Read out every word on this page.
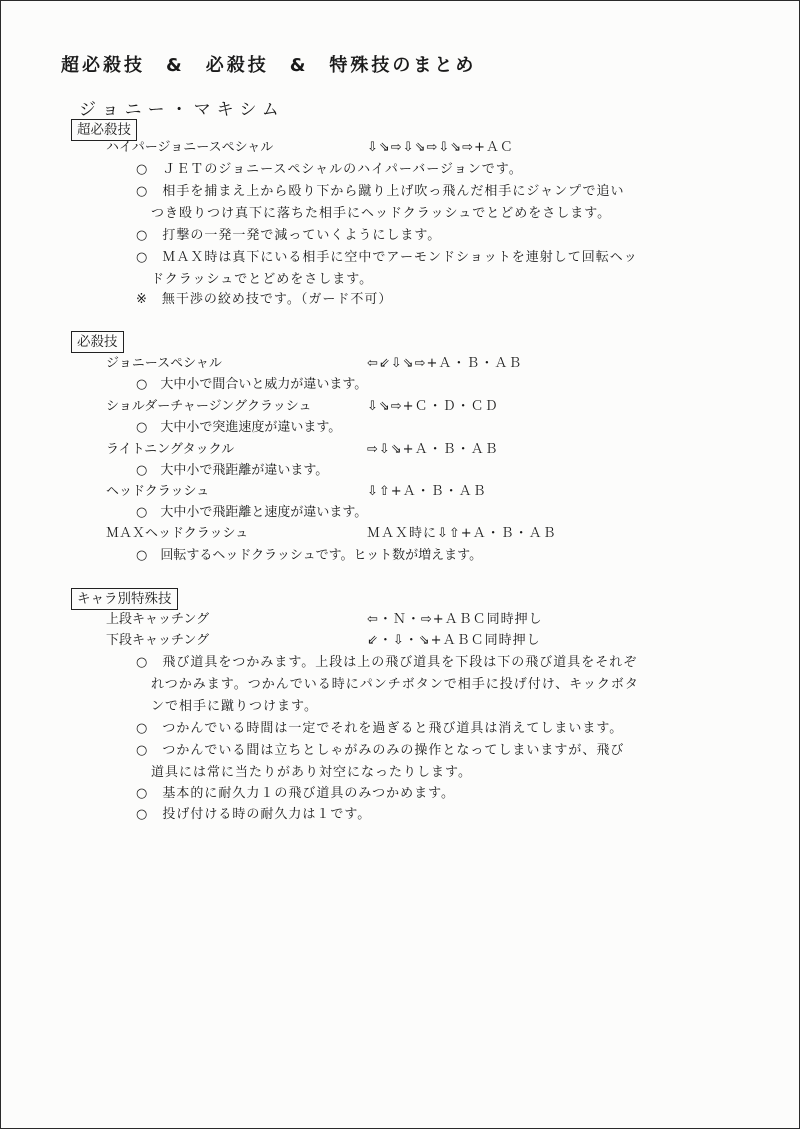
超必殺技　&　必殺技　&　特殊技のまとめ
ジョニー・マキシム
超必殺技
ハイパージョニースペシャル	⇩⇘⇨⇩⇘⇨⇩⇘⇨+ＡＣ
○　ＪＥＴのジョニースペシャルのハイパーバージョンです。
○　相手を捕まえ上から殴り下から蹴り上げ吹っ飛んだ相手にジャンプで追い
つき殴りつけ真下に落ちた相手にヘッドクラッシュでとどめをさします。
○　打撃の一発一発で減っていくようにします。
○　ＭＡＸ時は真下にいる相手に空中でアーモンドショットを連射して回転ヘッ
ドクラッシュでとどめをさします。
※　無干渉の絞め技です。（ガード不可）
必殺技
ジョニースペシャル	⇦⇙⇩⇘⇨+Ａ・Ｂ・ＡＢ
○　大中小で間合いと威力が違います。
ショルダーチャージングクラッシュ	⇩⇘⇨+Ｃ・Ｄ・ＣＤ
○　大中小で突進速度が違います。
ライトニングタックル	⇨⇩⇘+Ａ・Ｂ・ＡＢ
○　大中小で飛距離が違います。
ヘッドクラッシュ	⇩⇧+Ａ・Ｂ・ＡＢ
○　大中小で飛距離と速度が違います。
ＭＡＸヘッドクラッシュ	ＭＡＸ時に⇩⇧+Ａ・Ｂ・ＡＢ
○　回転するヘッドクラッシュです。ヒット数が増えます。
キャラ別特殊技
上段キャッチング	⇦・Ｎ・⇨+ＡＢＣ同時押し
下段キャッチング	⇙・⇩・⇘+ＡＢＣ同時押し
○　飛び道具をつかみます。上段は上の飛び道具を下段は下の飛び道具をそれぞ
れつかみます。つかんでいる時にパンチボタンで相手に投げ付け、キックボタ
ンで相手に蹴りつけます。
○　つかんでいる時間は一定でそれを過ぎると飛び道具は消えてしまいます。
○　つかんでいる間は立ちとしゃがみのみの操作となってしまいますが、飛び
道具には常に当たりがあり対空になったりします。
○　基本的に耐久力１の飛び道具のみつかめます。
○　投げ付ける時の耐久力は１です。
